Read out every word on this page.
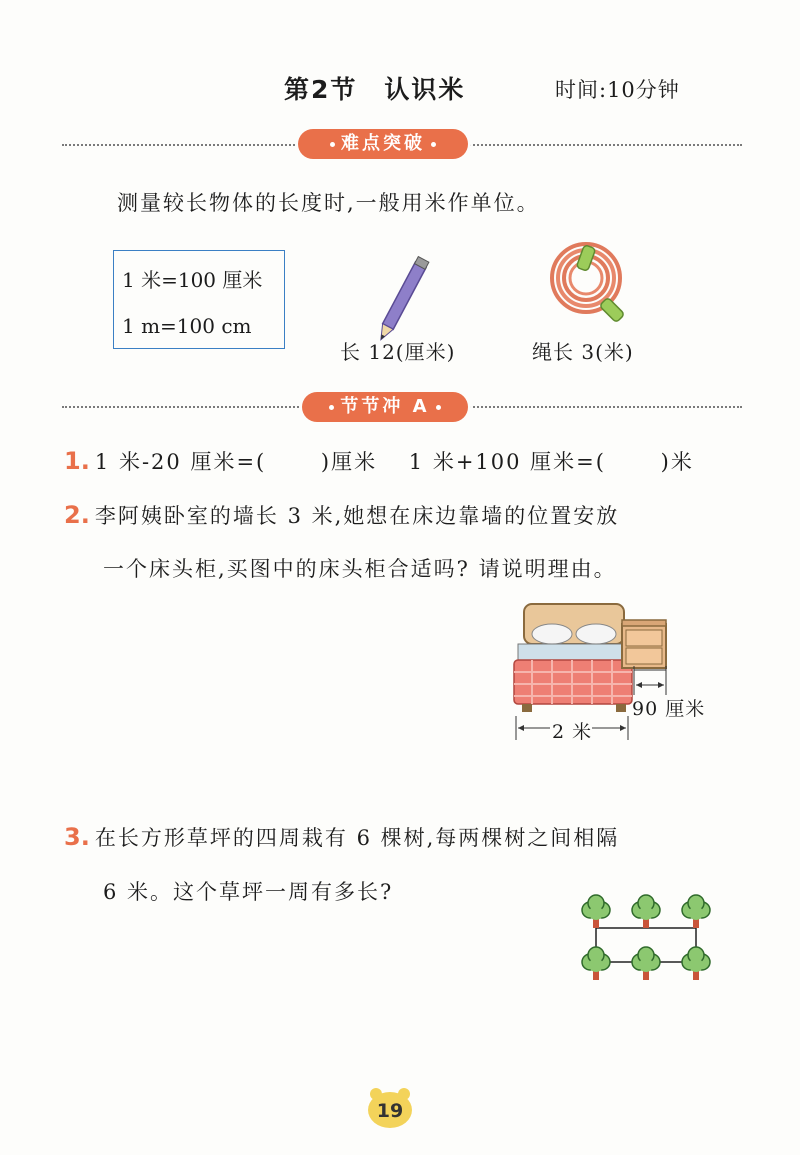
第2节　认识米	时间:10分钟
难点突破
测量较长物体的长度时,一般用米作单位。
1 米=100 厘米
1 m=100 cm
长 12(厘米)	绳长 3(米)
节节冲 A
1. 1 米-20 厘米=(　　 )厘米　 1 米+100 厘米=(　　 )米
2. 李阿姨卧室的墙长 3 米,她想在床边靠墙的位置安放
一个床头柜,买图中的床头柜合适吗? 请说明理由。
90 厘米
2 米
3. 在长方形草坪的四周栽有 6 棵树,每两棵树之间相隔
6 米。这个草坪一周有多长?
19
